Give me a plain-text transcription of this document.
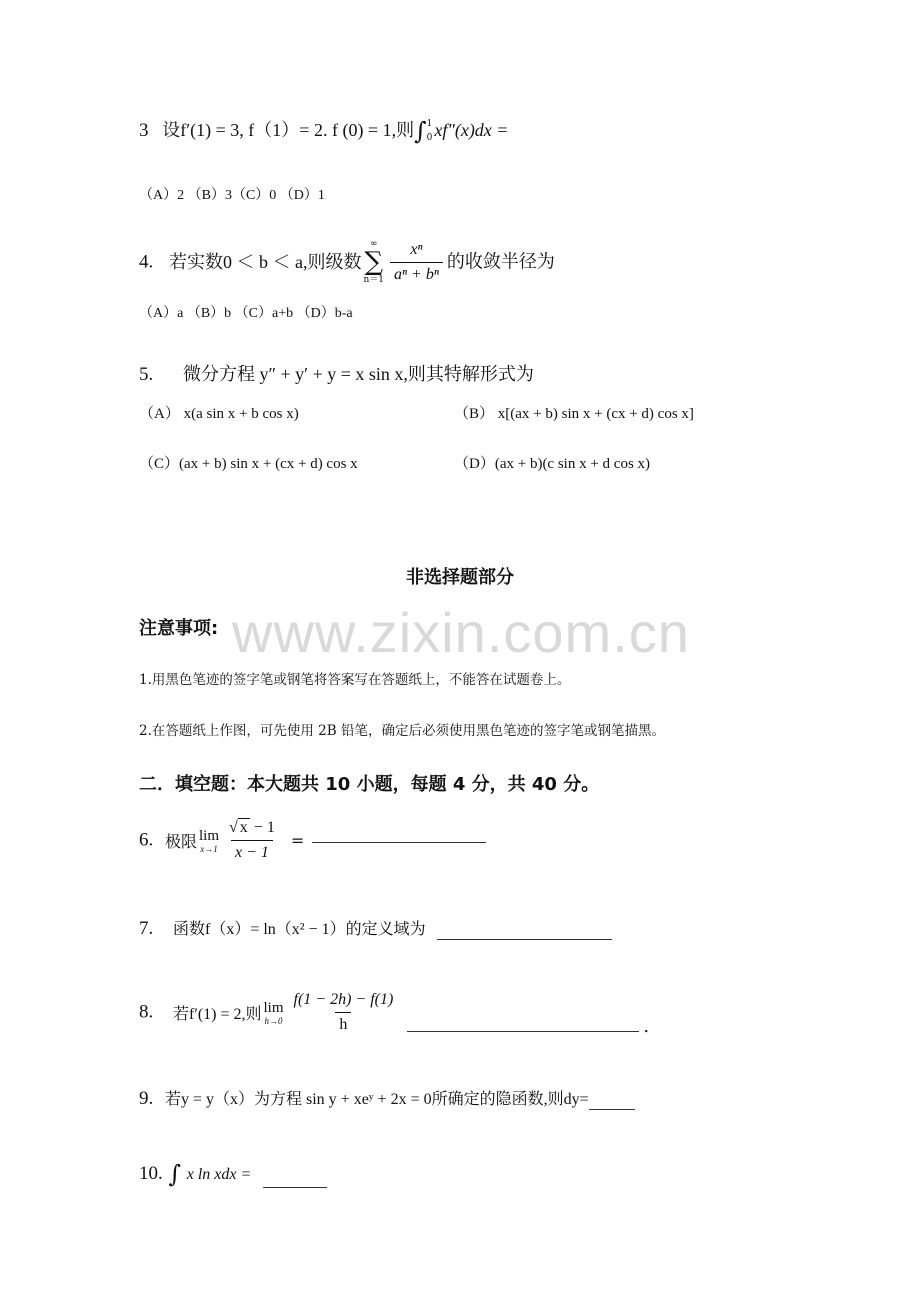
www.zixin.com.cn
3 设f′(1) = 3, f（1）= 2. f (0) = 1,则∫ 1
0 xf″(x)dx =
（A）2 （B）3（C）0 （D）1
4. 若实数0 ＜ b ＜ a,则级数
∞
∑
$n=1 \frac{\text{xⁿ}}{\text{aⁿ + bⁿ}}$ 的收敛半径为
（A）a （B）b （C）a+b （D）b-a
5. 微分方程 y″ + y′ + y = x sin x,则其特解形式为
（A） x(a sin x + b cos x)	（B） x[(ax + b) sin x + (cx + d) cos x]
（C）(ax + b) sin x + (cx + d) cos x	（D）(ax + b)(c sin x + d cos x)
非选择题部分
注意事项:
1.用黑色笔迹的签字笔或钢笔将答案写在答题纸上，不能答在试题卷上。
2.在答题纸上作图，可先使用 2B 铅笔，确定后必须使用黑色笔迹的签字笔或钢笔描黑。
二．填空题：本大题共 10 小题，每题 4 分，共 40 分。
6. 极限 lim
$x\to 1 \frac{√ x - 1}{x - 1}$ =
7. 函数f（x）= ln（x² − 1）的定义域为
8. 若f′(1) = 2,则 lim
$h\to 0 \frac{f(1 - 2h) - f(1)}{h}$	.
9. 若y = y（x）为方程 sin y + xeʸ + 2x = 0所确定的隐函数,则dy=
10. ∫ x ln xdx =
